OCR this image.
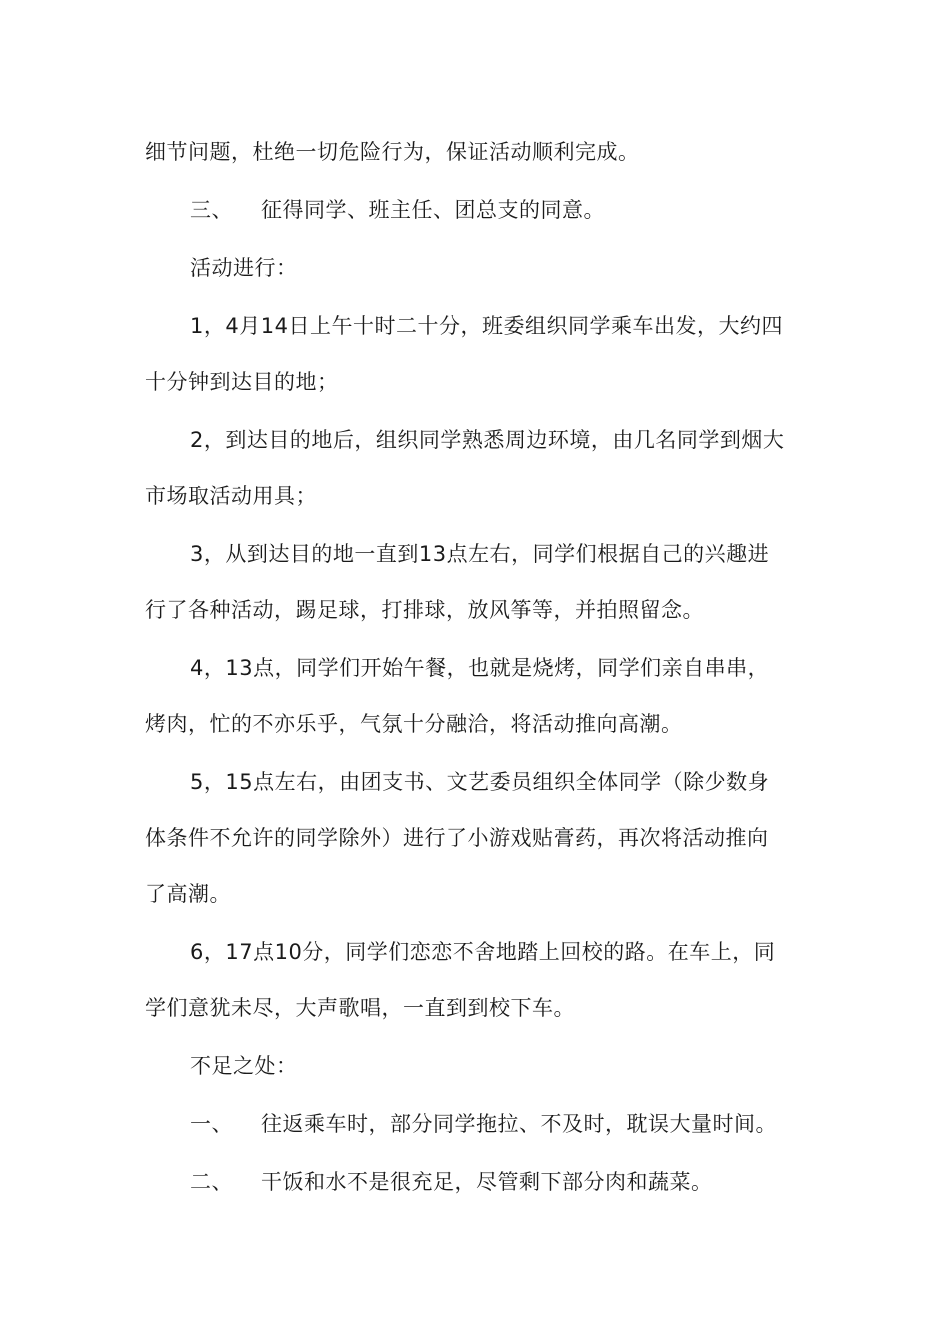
细节问题，杜绝一切危险行为，保证活动顺利完成。
三、 征得同学、班主任、团总支的同意。
活动进行：
1，4月14日上午十时二十分，班委组织同学乘车出发，大约四
十分钟到达目的地；
2，到达目的地后，组织同学熟悉周边环境，由几名同学到烟大
市场取活动用具；
3，从到达目的地一直到13点左右，同学们根据自己的兴趣进
行了各种活动，踢足球，打排球，放风筝等，并拍照留念。
4，13点，同学们开始午餐，也就是烧烤，同学们亲自串串，
烤肉，忙的不亦乐乎，气氛十分融洽，将活动推向高潮。
5，15点左右，由团支书、文艺委员组织全体同学（除少数身
体条件不允许的同学除外）进行了小游戏贴膏药，再次将活动推向
了高潮。
6，17点10分，同学们恋恋不舍地踏上回校的路。在车上，同
学们意犹未尽，大声歌唱，一直到到校下车。
不足之处：
一、 往返乘车时，部分同学拖拉、不及时，耽误大量时间。
二、 干饭和水不是很充足，尽管剩下部分肉和蔬菜。
